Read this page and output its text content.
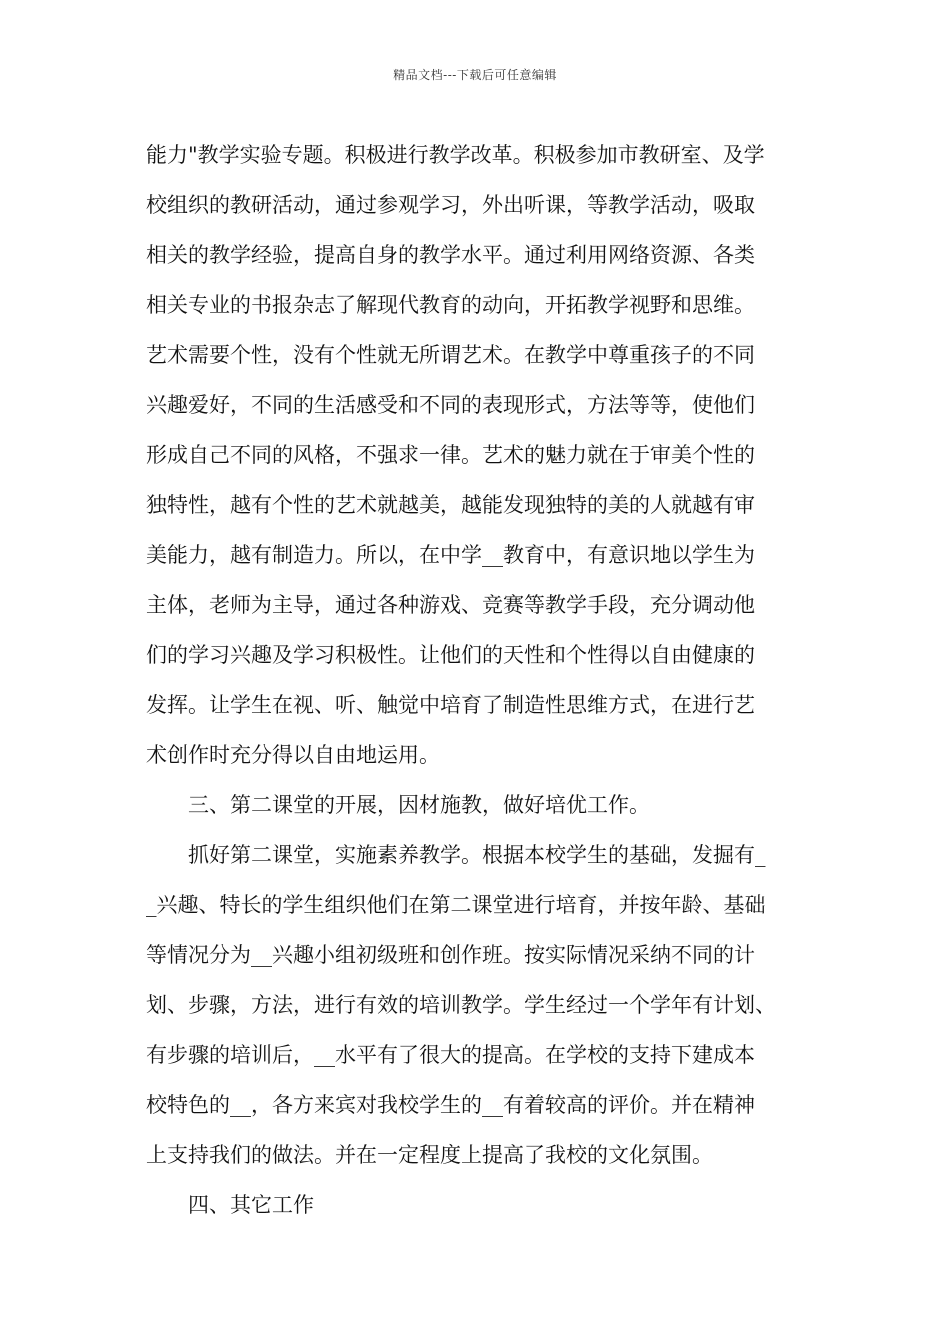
精品文档---下载后可任意编辑

能力"教学实验专题。积极进行教学改革。积极参加市教研室、及学

校组织的教研活动，通过参观学习，外出听课，等教学活动，吸取

相关的教学经验，提高自身的教学水平。通过利用网络资源、各类

相关专业的书报杂志了解现代教育的动向，开拓教学视野和思维。

艺术需要个性，没有个性就无所谓艺术。在教学中尊重孩子的不同

兴趣爱好，不同的生活感受和不同的表现形式，方法等等，使他们

形成自己不同的风格，不强求一律。艺术的魅力就在于审美个性的

独特性，越有个性的艺术就越美，越能发现独特的美的人就越有审

美能力，越有制造力。所以，在中学__教育中，有意识地以学生为

主体，老师为主导，通过各种游戏、竞赛等教学手段，充分调动他

们的学习兴趣及学习积极性。让他们的天性和个性得以自由健康的

发挥。让学生在视、听、触觉中培育了制造性思维方式，在进行艺

术创作时充分得以自由地运用。

三、第二课堂的开展，因材施教，做好培优工作。

抓好第二课堂，实施素养教学。根据本校学生的基础，发掘有_

_兴趣、特长的学生组织他们在第二课堂进行培育，并按年龄、基础

等情况分为__兴趣小组初级班和创作班。按实际情况采纳不同的计

划、步骤，方法，进行有效的培训教学。学生经过一个学年有计划、

有步骤的培训后，__水平有了很大的提高。在学校的支持下建成本

校特色的__，各方来宾对我校学生的__有着较高的评价。并在精神

上支持我们的做法。并在一定程度上提高了我校的文化氛围。

四、其它工作
